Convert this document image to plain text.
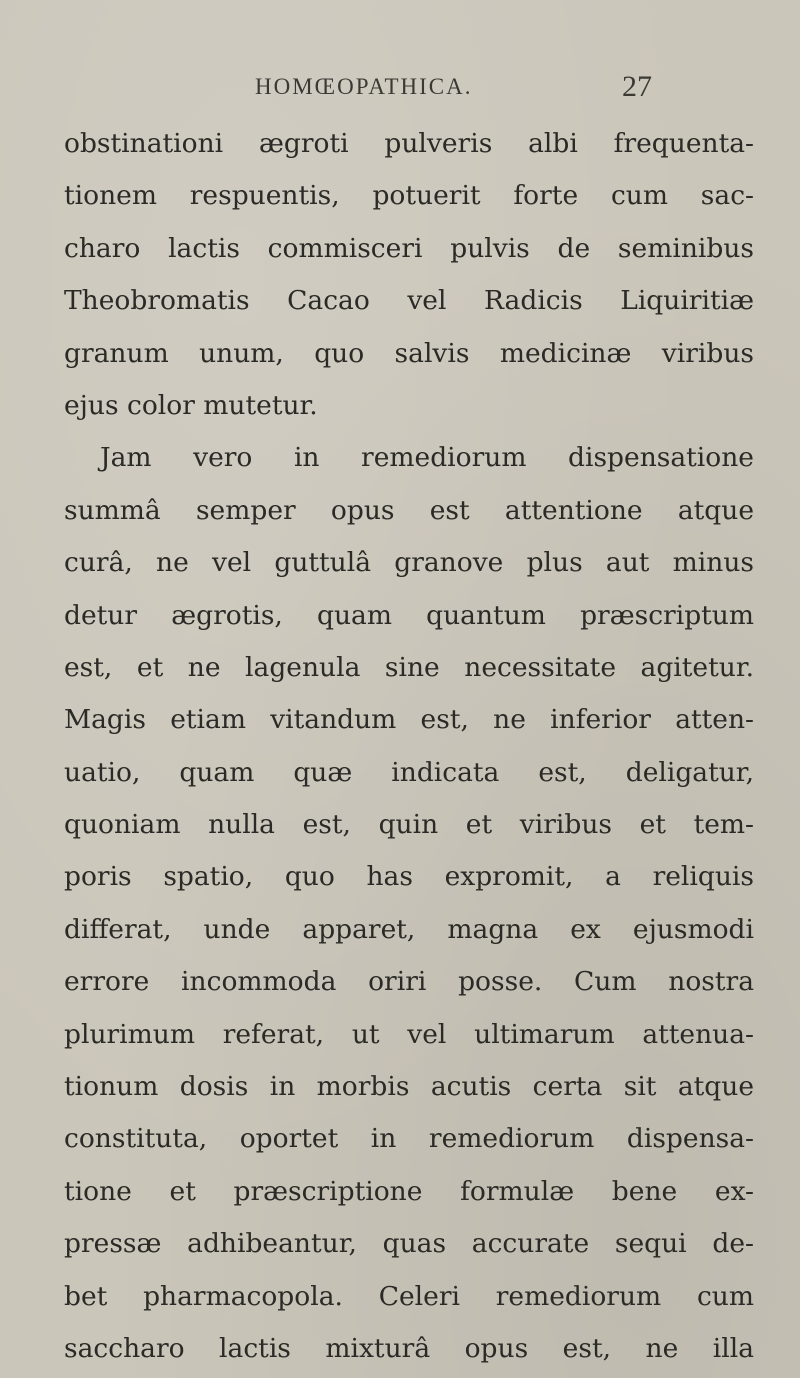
HOMŒOPATHICA.	27
obstinationi ægroti pulveris albi frequenta-
tionem respuentis, potuerit forte cum sac-
charo lactis commisceri pulvis de seminibus
Theobromatis Cacao vel Radicis Liquiritiæ
granum unum, quo salvis medicinæ viribus
ejus color mutetur.
Jam vero in remediorum dispensatione
summâ semper opus est attentione atque
curâ, ne vel guttulâ granove plus aut minus
detur ægrotis, quam quantum præscriptum
est, et ne lagenula sine necessitate agitetur.
Magis etiam vitandum est, ne inferior atten-
uatio, quam quæ indicata est, deligatur,
quoniam nulla est, quin et viribus et tem-
poris spatio, quo has expromit, a reliquis
differat, unde apparet, magna ex ejusmodi
errore incommoda oriri posse. Cum nostra
plurimum referat, ut vel ultimarum attenua-
tionum dosis in morbis acutis certa sit atque
constituta, oportet in remediorum dispensa-
tione et præscriptione formulæ bene ex-
pressæ adhibeantur, quas accurate sequi de-
bet pharmacopola. Celeri remediorum cum
saccharo lactis mixturâ opus est, ne illa
